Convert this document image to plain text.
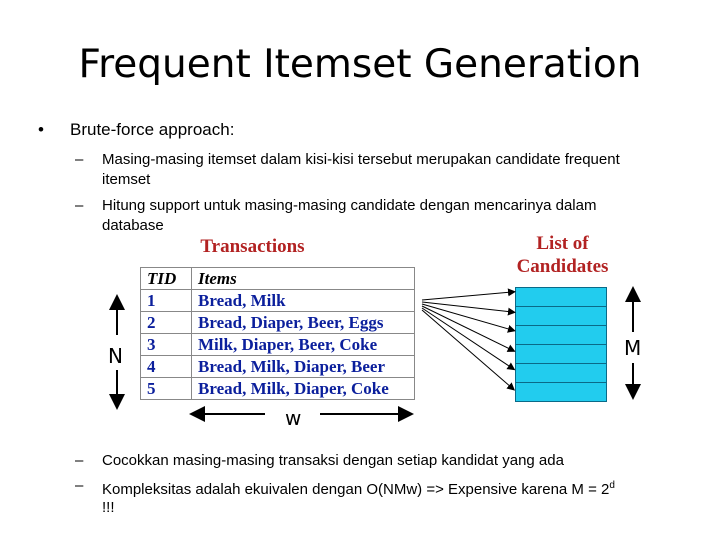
Frequent Itemset Generation
• Brute-force approach:
– Masing-masing itemset dalam kisi-kisi tersebut merupakan candidate frequent
itemset
– Hitung support untuk masing-masing candidate dengan mencarinya dalam
database
Transactions	List of
Candidates
TID	Items
1	Bread, Milk
2	Bread, Diaper, Beer, Eggs
3	Milk, Diaper, Beer, Coke
4	Bread, Milk, Diaper, Beer
5	Bread, Milk, Diaper, Coke
N	M
w
– Cocokkan masing-masing transaksi dengan setiap kandidat yang ada
– Kompleksitas adalah ekuivalen dengan O(NMw) => Expensive karena $M = 2^d$
!!!
